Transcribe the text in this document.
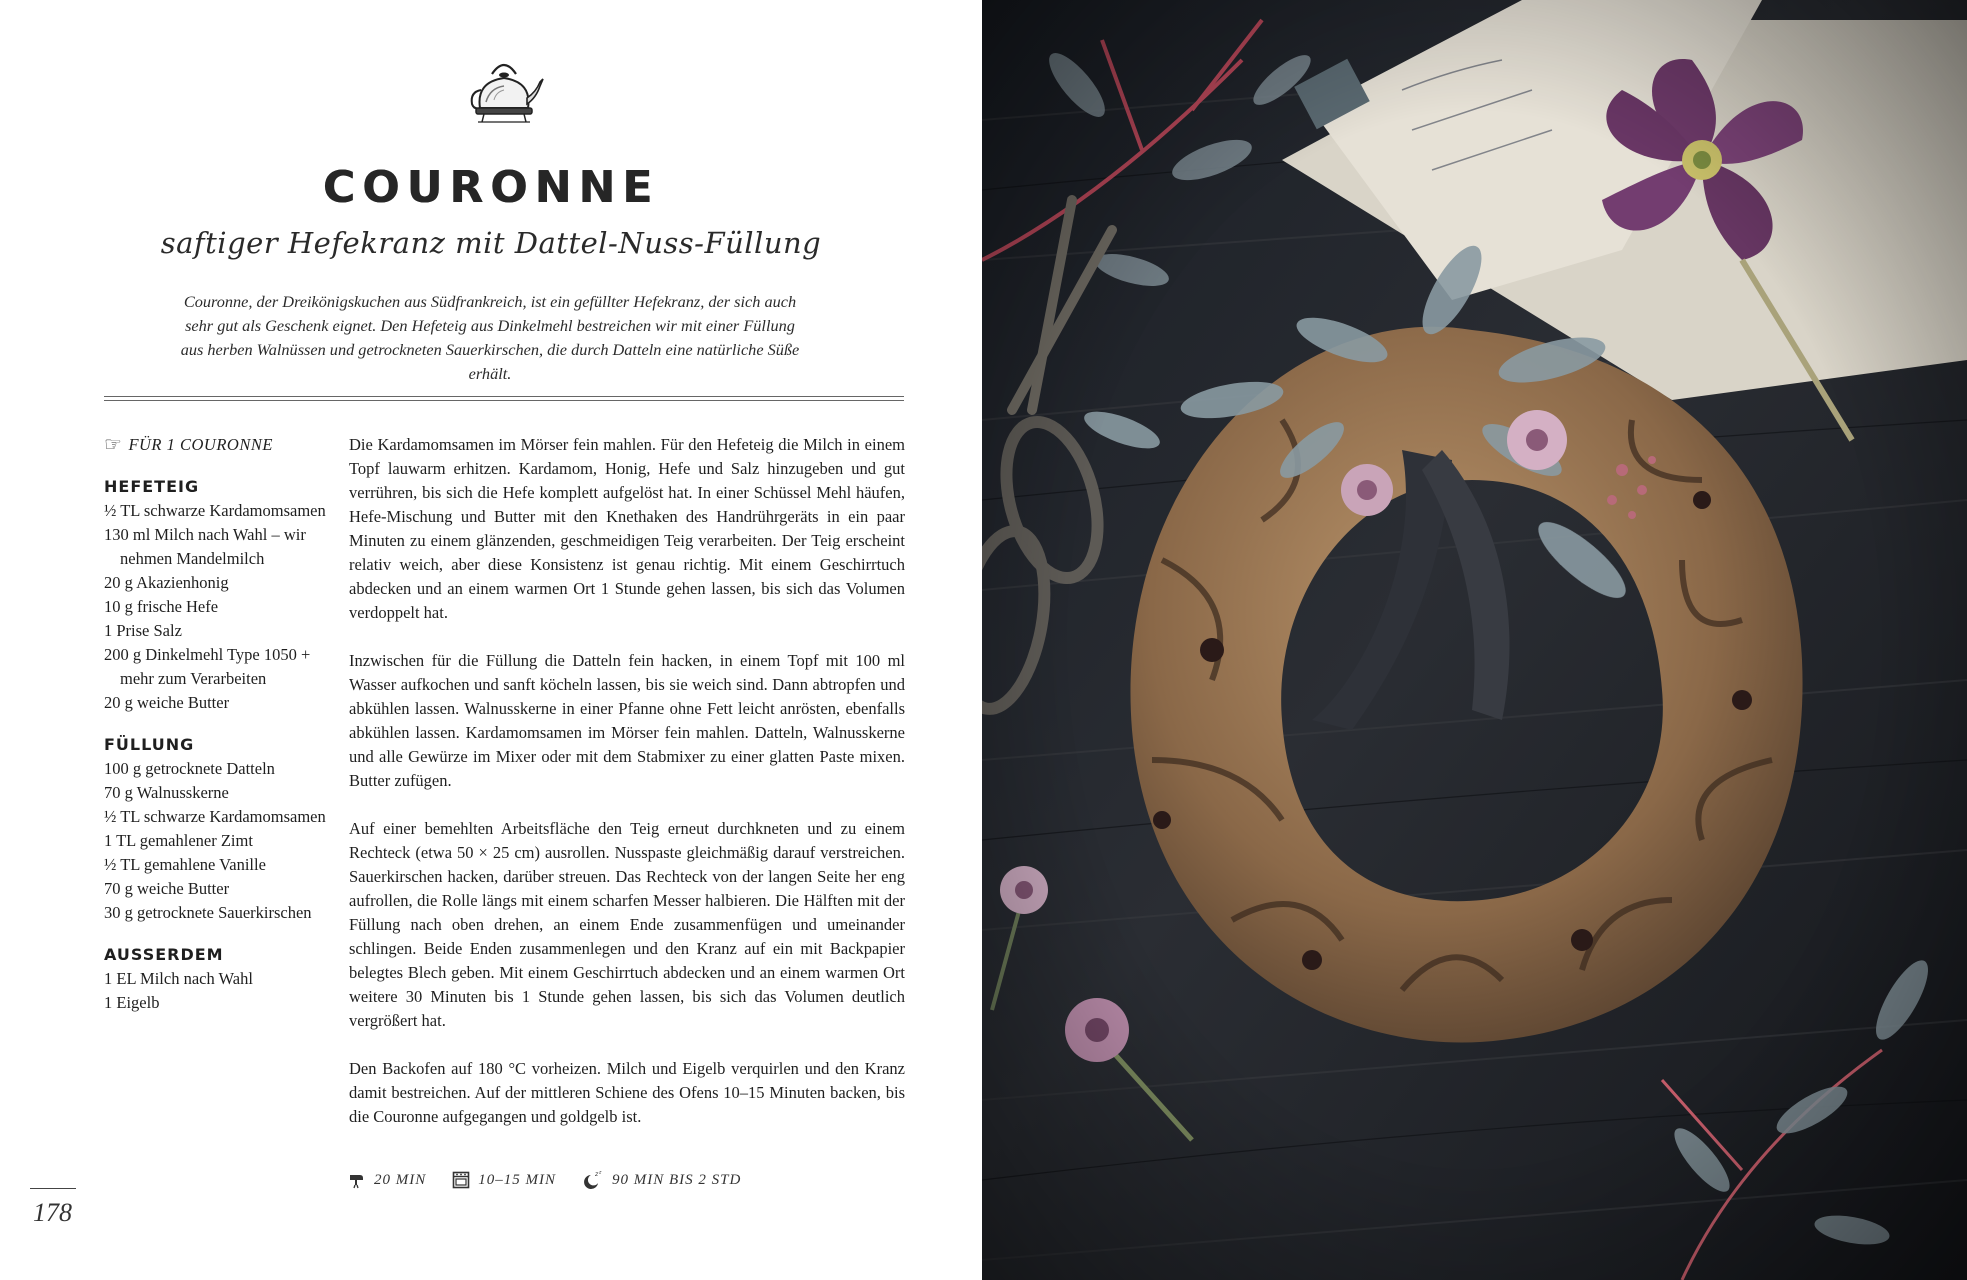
COURONNE
saftiger Hefekranz mit Dattel-Nuss-Füllung

Couronne, der Dreikönigskuchen aus Südfrankreich, ist ein gefüllter Hefekranz, der sich auch sehr gut als Geschenk eignet. Den Hefeteig aus Dinkelmehl bestreichen wir mit einer Füllung aus herben Walnüssen und getrockneten Sauerkirschen, die durch Datteln eine natürliche Süße erhält.

☞ FÜR 1 COURONNE
HEFETEIG
½ TL schwarze Kardamomsamen
130 ml Milch nach Wahl – wir nehmen Mandelmilch
20 g Akazienhonig
10 g frische Hefe
1 Prise Salz
200 g Dinkelmehl Type 1050 + mehr zum Verarbeiten
20 g weiche Butter
FÜLLUNG
100 g getrocknete Datteln
70 g Walnusskerne
½ TL schwarze Kardamomsamen
1 TL gemahlener Zimt
½ TL gemahlene Vanille
70 g weiche Butter
30 g getrocknete Sauerkirschen
AUSSERDEM
1 EL Milch nach Wahl
1 Eigelb

Die Kardamomsamen im Mörser fein mahlen. Für den Hefeteig die Milch in einem Topf lauwarm erhitzen. Kardamom, Honig, Hefe und Salz hinzugeben und gut verrühren, bis sich die Hefe komplett aufgelöst hat. In einer Schüssel Mehl häufen, Hefe-Mischung und Butter mit den Knethaken des Handrührgeräts in ein paar Minuten zu einem glänzenden, geschmeidigen Teig verarbeiten. Der Teig erscheint relativ weich, aber diese Konsistenz ist genau richtig. Mit einem Geschirrtuch abdecken und an einem warmen Ort 1 Stunde gehen lassen, bis sich das Volumen verdoppelt hat.

Inzwischen für die Füllung die Datteln fein hacken, in einem Topf mit 100 ml Wasser aufkochen und sanft köcheln lassen, bis sie weich sind. Dann abtropfen und abkühlen lassen. Walnusskerne in einer Pfanne ohne Fett leicht anrösten, ebenfalls abkühlen lassen. Kardamomsamen im Mörser fein mahlen. Datteln, Walnusskerne und alle Gewürze im Mixer oder mit dem Stabmixer zu einer glatten Paste mixen. Butter zufügen.

Auf einer bemehlten Arbeitsfläche den Teig erneut durchkneten und zu einem Rechteck (etwa 50 × 25 cm) ausrollen. Nusspaste gleichmäßig darauf verstreichen. Sauerkirschen hacken, darüber streuen. Das Rechteck von der langen Seite her eng aufrollen, die Rolle längs mit einem scharfen Messer halbieren. Die Hälften mit der Füllung nach oben drehen, an einem Ende zusammenfügen und umeinander schlingen. Beide Enden zusammenlegen und den Kranz auf ein mit Backpapier belegtes Blech geben. Mit einem Geschirrtuch abdecken und an einem warmen Ort weitere 30 Minuten bis 1 Stunde gehen lassen, bis sich das Volumen deutlich vergrößert hat.

Den Backofen auf 180 °C vorheizen. Milch und Eigelb verquirlen und den Kranz damit bestreichen. Auf der mittleren Schiene des Ofens 10–15 Minuten backen, bis die Couronne aufgegangen und goldgelb ist.

20 MIN	10–15 MIN	z z 90 MIN BIS 2 STD
178
